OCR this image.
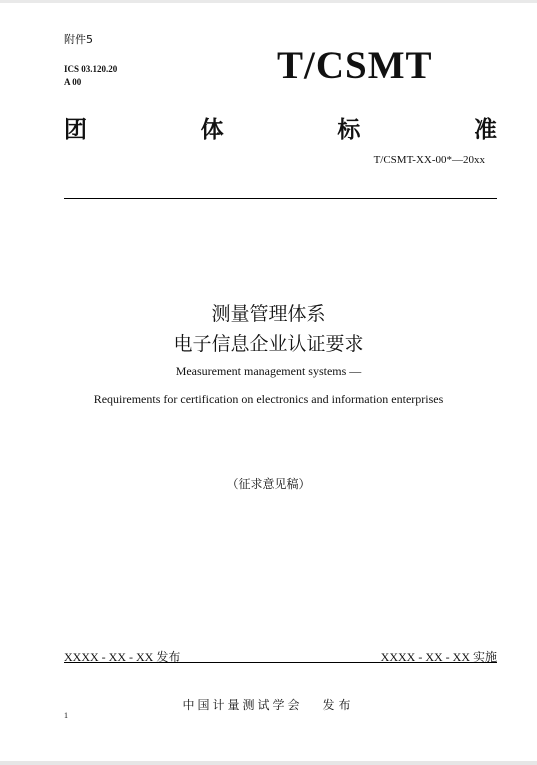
附件5
ICS 03.120.20
A 00	T/CSMT
团	体	标	准
T/CSMT-XX-00*—20xx
测量管理体系
电子信息企业认证要求
Measurement management systems —
Requirements for certification on electronics and information enterprises
（征求意见稿）
XXXX - XX - XX 发布	XXXX - XX - XX 实施
中国计量测试学会 发布
1
